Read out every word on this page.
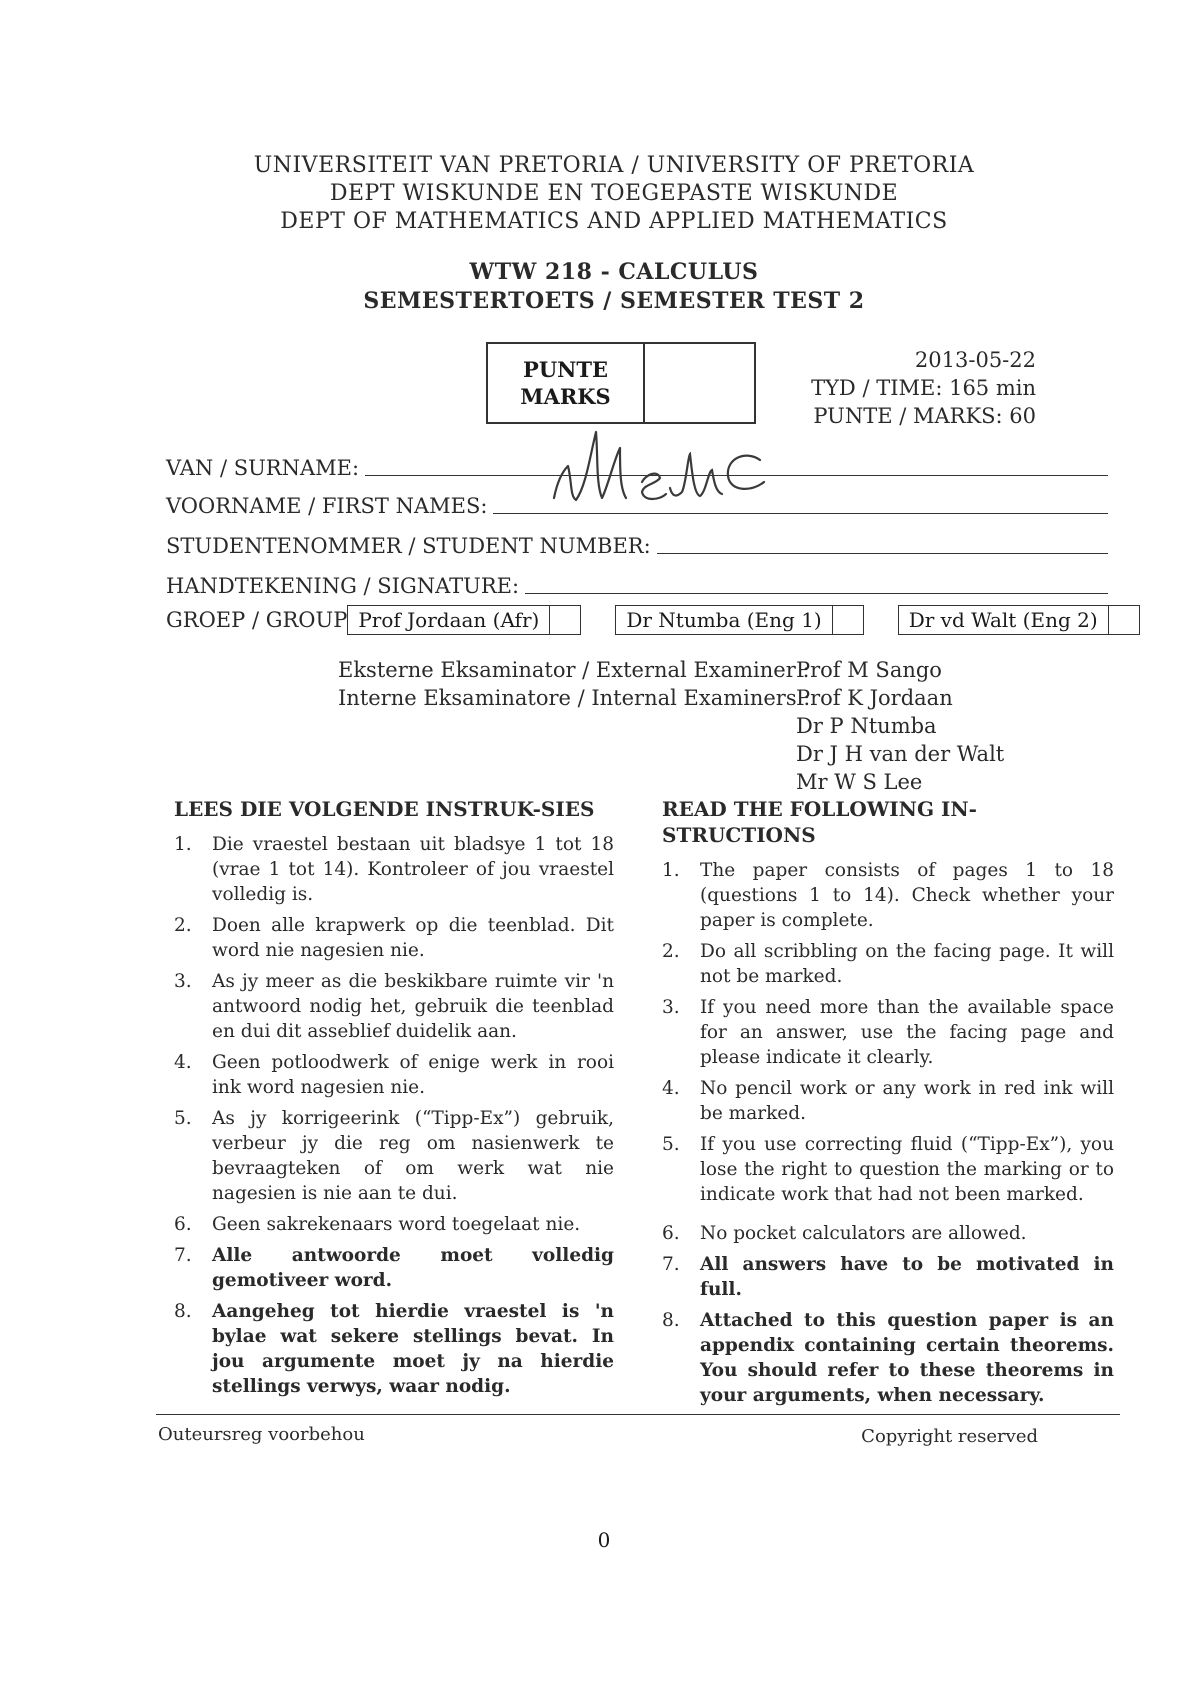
UNIVERSITEIT VAN PRETORIA / UNIVERSITY OF PRETORIA
DEPT WISKUNDE EN TOEGEPASTE WISKUNDE
DEPT OF MATHEMATICS AND APPLIED MATHEMATICS
WTW 218 - CALCULUS
SEMESTERTOETS / SEMESTER TEST 2
PUNTE
MARKS
2013-05-22
TYD / TIME: 165 min
PUNTE / MARKS: 60
VAN / SURNAME:
VOORNAME / FIRST NAMES:
STUDENTENOMMER / STUDENT NUMBER:
HANDTEKENING / SIGNATURE:
GROEP / GROUP Prof Jordaan (Afr)	Dr Ntumba (Eng 1)	Dr vd Walt (Eng 2)
Eksterne Eksaminator / External Examiner :
Prof M Sango
Interne Eksaminatore / Internal Examiners :
Prof K Jordaan
Dr P Ntumba
Dr J H van der Walt
Mr W S Lee
LEES DIE VOLGENDE INSTRUK-SIES
1.	Die vraestel bestaan uit bladsye 1 tot 18 (vrae 1 tot 14). Kontroleer of jou vraestel volledig is.
2.	Doen alle krapwerk op die teenblad. Dit word nie nagesien nie.
3.	As jy meer as die beskikbare ruimte vir 'n antwoord nodig het, gebruik die teenblad en dui dit asseblief duidelik aan.
4.	Geen potloodwerk of enige werk in rooi ink word nagesien nie.
5.	As jy korrigeerink (“Tipp-Ex”) gebruik, verbeur jy die reg om nasienwerk te bevraagteken of om werk wat nie nagesien is nie aan te dui.
6.	Geen sakrekenaars word toegelaat nie.
7.	Alle antwoorde moet volledig gemotiveer word.
8.	Aangeheg tot hierdie vraestel is 'n bylae wat sekere stellings bevat. In jou argumente moet jy na hierdie stellings verwys, waar nodig.
READ THE FOLLOWING IN-STRUCTIONS
1.	The paper consists of pages 1 to 18 (questions 1 to 14). Check whether your paper is complete.
2.	Do all scribbling on the facing page. It will not be marked.
3.	If you need more than the available space for an answer, use the facing page and please indicate it clearly.
4.	No pencil work or any work in red ink will be marked.
5.	If you use correcting fluid (“Tipp-Ex”), you lose the right to question the marking or to indicate work that had not been marked.
6.	No pocket calculators are allowed.
7.	All answers have to be motivated in full.
8.	Attached to this question paper is an appendix containing certain theorems. You should refer to these theorems in your arguments, when necessary.
Outeursreg voorbehou	Copyright reserved
0
